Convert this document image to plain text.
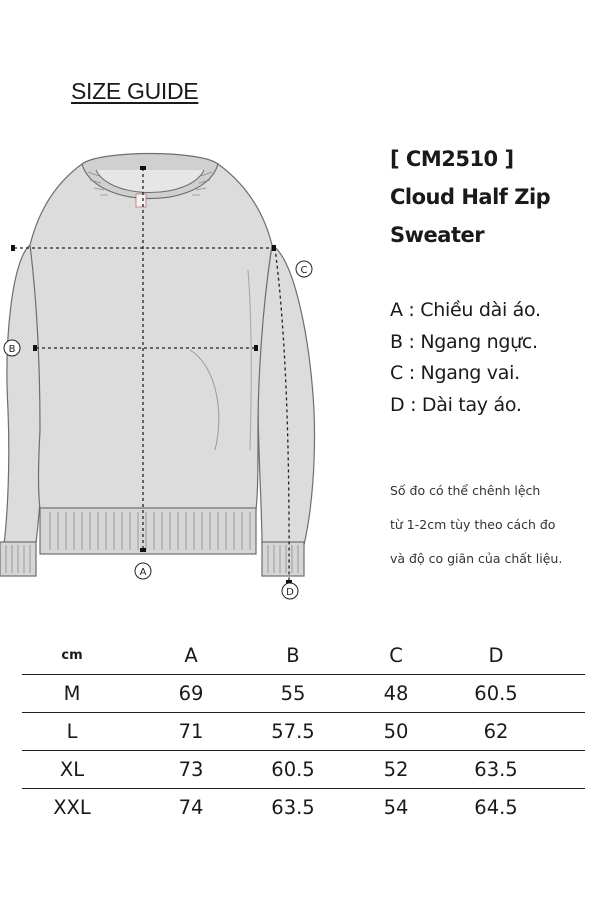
SIZE GUIDE
[ CM2510 ]
Cloud Half Zip
Sweater
A : Chiều dài áo.
B : Ngang ngực.
C : Ngang vai.
D : Dài tay áo.
Số đo có thể chênh lệch
từ 1-2cm tùy theo cách đo
và độ co giãn của chất liệu.
A
B
C
D
cm	A	B	C	D
M	69	55	48	60.5
L	71	57.5	50	62
XL	73	60.5	52	63.5
XXL	74	63.5	54	64.5
